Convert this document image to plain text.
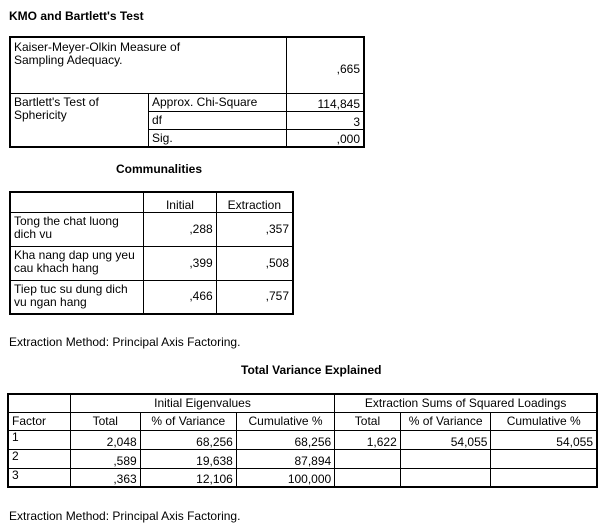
KMO and Bartlett's Test
Kaiser-Meyer-Olkin Measure of Sampling Adequacy.		,665
Bartlett's Test of Sphericity	Approx. Chi-Square	114,845
	df	3
	Sig.	,000
Communalities
	Initial	Extraction
Tong the chat luong dich vu	,288	,357
Kha nang dap ung yeu cau khach hang	,399	,508
Tiep tuc su dung dich vu ngan hang	,466	,757
Extraction Method: Principal Axis Factoring.
Total Variance Explained
	Initial Eigenvalues			Extraction Sums of Squared Loadings		
Factor	Total	% of Variance	Cumulative %	Total	% of Variance	Cumulative %
1	2,048	68,256	68,256	1,622	54,055	54,055
2	,589	19,638	87,894			
3	,363	12,106	100,000			
Extraction Method: Principal Axis Factoring.
